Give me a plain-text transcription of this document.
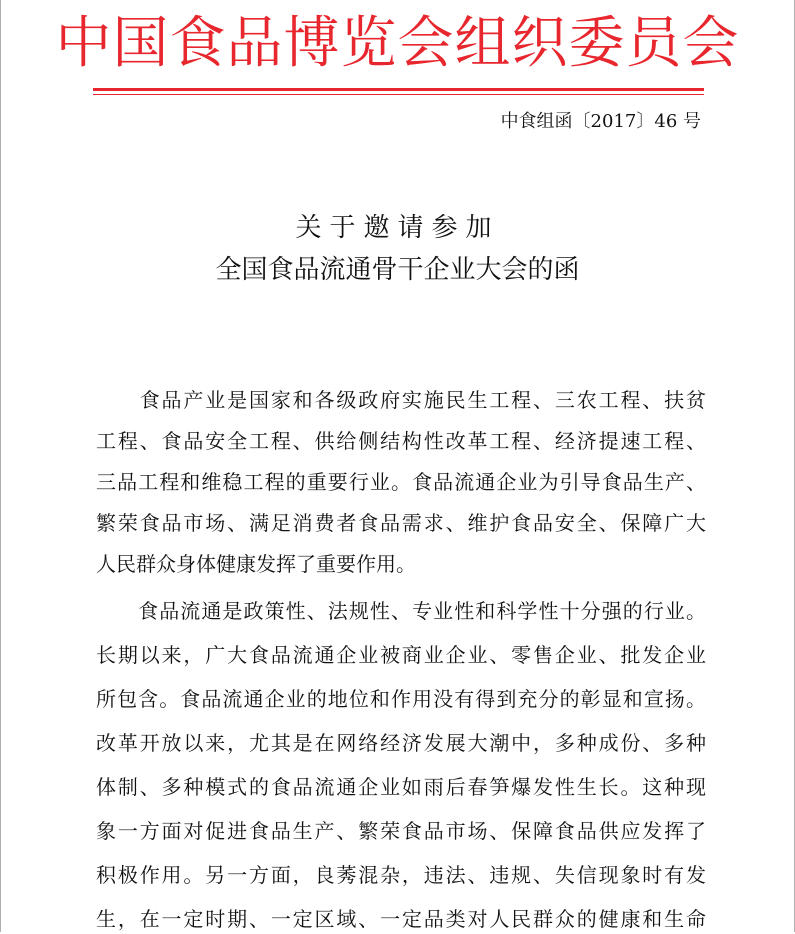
中国食品博览会组织委员会
中食组函〔2017〕46 号
关于邀请参加
全国食品流通骨干企业大会的函
　　食品产业是国家和各级政府实施民生工程、三农工程、扶贫
工程、食品安全工程、供给侧结构性改革工程、经济提速工程、
三品工程和维稳工程的重要行业。食品流通企业为引导食品生产、
繁荣食品市场、满足消费者食品需求、维护食品安全、保障广大
人民群众身体健康发挥了重要作用。
　　食品流通是政策性、法规性、专业性和科学性十分强的行业。
长期以来，广大食品流通企业被商业企业、零售企业、批发企业
所包含。食品流通企业的地位和作用没有得到充分的彰显和宣扬。
改革开放以来，尤其是在网络经济发展大潮中，多种成份、多种
体制、多种模式的食品流通企业如雨后春笋爆发性生长。这种现
象一方面对促进食品生产、繁荣食品市场、保障食品供应发挥了
积极作用。另一方面，良莠混杂，违法、违规、失信现象时有发
生，在一定时期、一定区域、一定品类对人民群众的健康和生命
